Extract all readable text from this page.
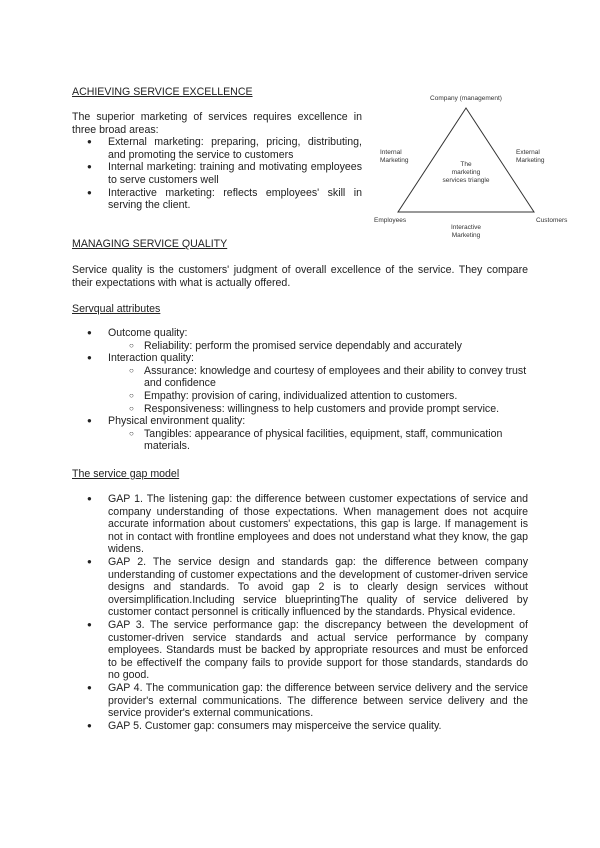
ACHIEVING SERVICE EXCELLENCE
The superior marketing of services requires excellence in three broad areas:
● External marketing: preparing, pricing, distributing, and promoting the service to customers
● Internal marketing: training and motivating employees to serve customers well
● Interactive marketing: reflects employees' skill in serving the client.
Company (management)
Internal
Marketing
External
Marketing
The
marketing
services triangle
Employees	Customers
Interactive
Marketing
MANAGING SERVICE QUALITY
Service quality is the customers' judgment of overall excellence of the service. They compare their expectations with what is actually offered.
Servqual attributes
● Outcome quality:
○ Reliability: perform the promised service dependably and accurately
● Interaction quality:
○ Assurance: knowledge and courtesy of employees and their ability to convey trust and confidence
○ Empathy: provision of caring, individualized attention to customers.
○ Responsiveness: willingness to help customers and provide prompt service.
● Physical environment quality:
○ Tangibles: appearance of physical facilities, equipment, staff, communication materials.
The service gap model
● GAP 1. The listening gap: the difference between customer expectations of service and company understanding of those expectations. When management does not acquire accurate information about customers' expectations, this gap is large. If management is not in contact with frontline employees and does not understand what they know, the gap widens.
● GAP 2. The service design and standards gap: the difference between company understanding of customer expectations and the development of customer-driven service designs and standards. To avoid gap 2 is to clearly design services without oversimplification.Including service blueprintingThe quality of service delivered by customer contact personnel is critically influenced by the standards. Physical evidence.
● GAP 3. The service performance gap: the discrepancy between the development of customer-driven service standards and actual service performance by company employees. Standards must be backed by appropriate resources and must be enforced to be effectiveIf the company fails to provide support for those standards, standards do no good.
● GAP 4. The communication gap: the difference between service delivery and the service provider's external communications. The difference between service delivery and the service provider's external communications.
● GAP 5. Customer gap: consumers may misperceive the service quality.
